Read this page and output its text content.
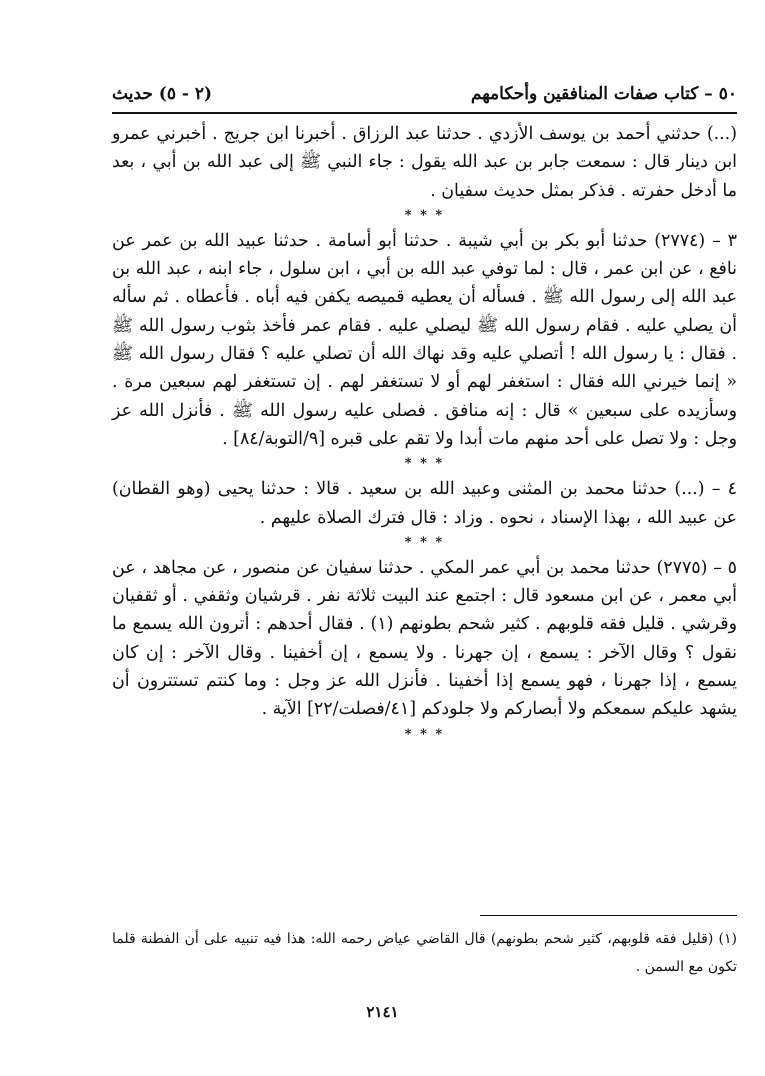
٥٠ – كتاب صفات المنافقين وأحكامهم
(٢ - ٥) حديث

(...) حدثني أحمد بن يوسف الأزدي . حدثنا عبد الرزاق . أخبرنا ابن جريج . أخبرني عمرو ابن دينار قال : سمعت جابر بن عبد الله يقول : جاء النبي ﷺ إلى عبد الله بن أبي ، بعد ما أدخل حفرته . فذكر بمثل حديث سفيان .

* * *

٣ – (٢٧٧٤) حدثنا أبو بكر بن أبي شيبة . حدثنا أبو أسامة . حدثنا عبيد الله بن عمر عن نافع ، عن ابن عمر ، قال : لما توفي عبد الله بن أبي ، ابن سلول ، جاء ابنه ، عبد الله بن عبد الله إلى رسول الله ﷺ . فسأله أن يعطيه قميصه يكفن فيه أباه . فأعطاه . ثم سأله أن يصلي عليه . فقام رسول الله ﷺ ليصلي عليه . فقام عمر فأخذ بثوب رسول الله ﷺ . فقال : يا رسول الله ! أتصلي عليه وقد نهاك الله أن تصلي عليه ؟ فقال رسول الله ﷺ « إنما خيرني الله فقال : استغفر لهم أو لا تستغفر لهم . إن تستغفر لهم سبعين مرة . وسأزيده على سبعين » قال : إنه منافق . فصلى عليه رسول الله ﷺ . فأنزل الله عز وجل : ولا تصل على أحد منهم مات أبدا ولا تقم على قبره [٩/التوبة/٨٤] .

* * *

٤ – (...) حدثنا محمد بن المثنى وعبيد الله بن سعيد . قالا : حدثنا يحيى (وهو القطان) عن عبيد الله ، بهذا الإسناد ، نحوه . وزاد : قال فترك الصلاة عليهم .

* * *

٥ – (٢٧٧٥) حدثنا محمد بن أبي عمر المكي . حدثنا سفيان عن منصور ، عن مجاهد ، عن أبي معمر ، عن ابن مسعود قال : اجتمع عند البيت ثلاثة نفر . قرشيان وثقفي . أو ثقفيان وقرشي . قليل فقه قلوبهم . كثير شحم بطونهم (١) . فقال أحدهم : أترون الله يسمع ما نقول ؟ وقال الآخر : يسمع ، إن جهرنا . ولا يسمع ، إن أخفينا . وقال الآخر : إن كان يسمع ، إذا جهرنا ، فهو يسمع إذا أخفينا . فأنزل الله عز وجل : وما كنتم تستترون أن يشهد عليكم سمعكم ولا أبصاركم ولا جلودكم [٤١/فصلت/٢٢] الآية .

* * *

(١) (قليل فقه قلوبهم، كثير شحم بطونهم) قال القاضي عياض رحمه الله: هذا فيه تنبيه على أن الفطنة قلما تكون مع السمن .
٢١٤١
